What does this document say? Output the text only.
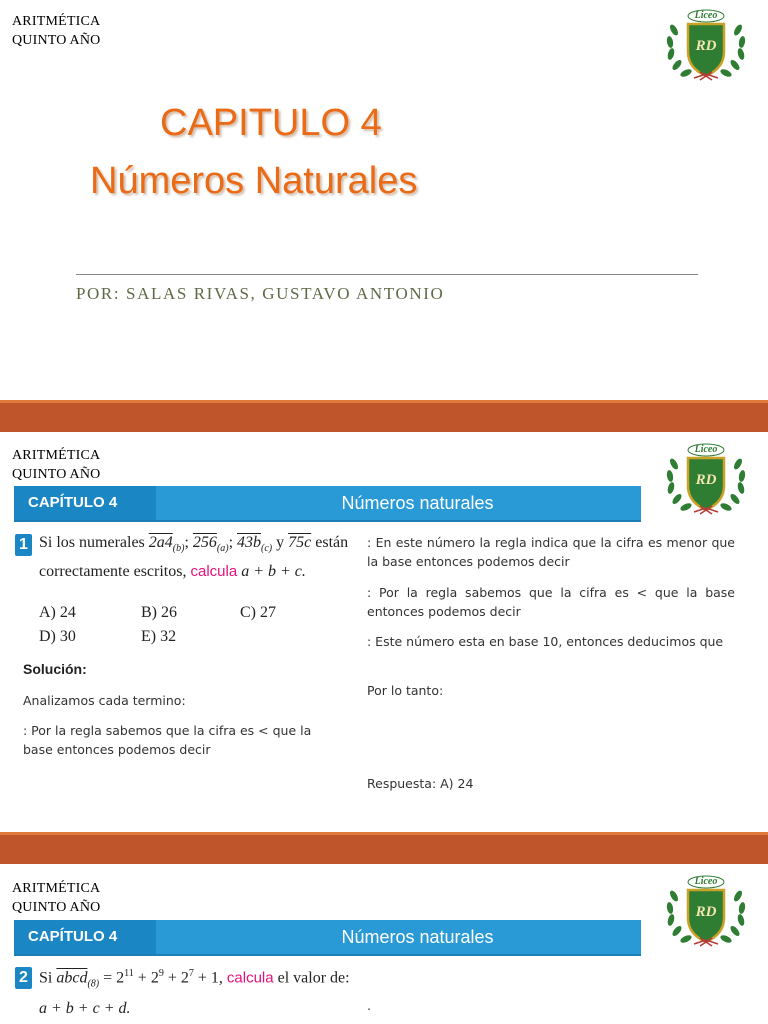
ARITMÉTICA
QUINTO AÑO
Liceo
RD
CAPITULO 4
Números Naturales
POR: SALAS RIVAS, GUSTAVO ANTONIO
ARITMÉTICA
QUINTO AÑO
Liceo
RD
CAPÍTULO 4	Números naturales
1 Si los numerales $2a4_{(b)}$; $256_{(a)}$; $43b_{(c)}$ y 75c están
correctamente escritos, calcula a + b + c.
A) 24	B) 26	C) 27
D) 30	E) 32
Solución:
Analizamos cada termino:
: Por la regla sabemos que la cifra es < que la base entonces podemos decir
: En este número la regla indica que la cifra es menor que la base entonces podemos decir
: Por la regla sabemos que la cifra es < que la base entonces podemos decir
: Este número esta en base 10, entonces deducimos que
Por lo tanto:
Respuesta: A) 24
ARITMÉTICA
QUINTO AÑO
Liceo
RD
CAPÍTULO 4	Números naturales
2 Si abcd$_{(8)}$ = $2^{11} + 2^9 + 2^7 + 1$, calcula el valor de:
a + b + c + d.	.
